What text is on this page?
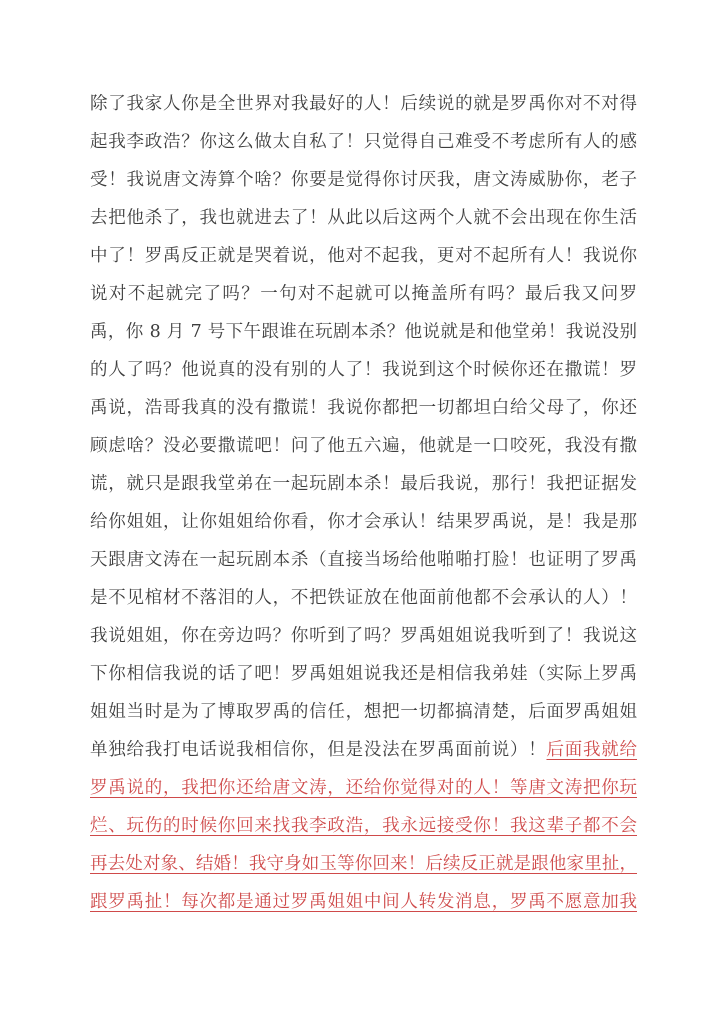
除了我家人你是全世界对我最好的人！后续说的就是罗禹你对不对得
起我李政浩？你这么做太自私了！只觉得自己难受不考虑所有人的感
受！我说唐文涛算个啥？你要是觉得你讨厌我，唐文涛威胁你，老子
去把他杀了，我也就进去了！从此以后这两个人就不会出现在你生活
中了！罗禹反正就是哭着说，他对不起我，更对不起所有人！我说你
说对不起就完了吗？一句对不起就可以掩盖所有吗？最后我又问罗
禹，你 8 月 7 号下午跟谁在玩剧本杀？他说就是和他堂弟！我说没别
的人了吗？他说真的没有别的人了！我说到这个时候你还在撒谎！罗
禹说，浩哥我真的没有撒谎！我说你都把一切都坦白给父母了，你还
顾虑啥？没必要撒谎吧！问了他五六遍，他就是一口咬死，我没有撒
谎，就只是跟我堂弟在一起玩剧本杀！最后我说，那行！我把证据发
给你姐姐，让你姐姐给你看，你才会承认！结果罗禹说，是！我是那
天跟唐文涛在一起玩剧本杀（直接当场给他啪啪打脸！也证明了罗禹
是不见棺材不落泪的人，不把铁证放在他面前他都不会承认的人）！
我说姐姐，你在旁边吗？你听到了吗？罗禹姐姐说我听到了！我说这
下你相信我说的话了吧！罗禹姐姐说我还是相信我弟娃（实际上罗禹
姐姐当时是为了博取罗禹的信任，想把一切都搞清楚，后面罗禹姐姐
单独给我打电话说我相信你，但是没法在罗禹面前说）！后面我就给
罗禹说的，我把你还给唐文涛，还给你觉得对的人！等唐文涛把你玩
烂、玩伤的时候你回来找我李政浩，我永远接受你！我这辈子都不会
再去处对象、结婚！我守身如玉等你回来！后续反正就是跟他家里扯，
跟罗禹扯！每次都是通过罗禹姐姐中间人转发消息，罗禹不愿意加我
